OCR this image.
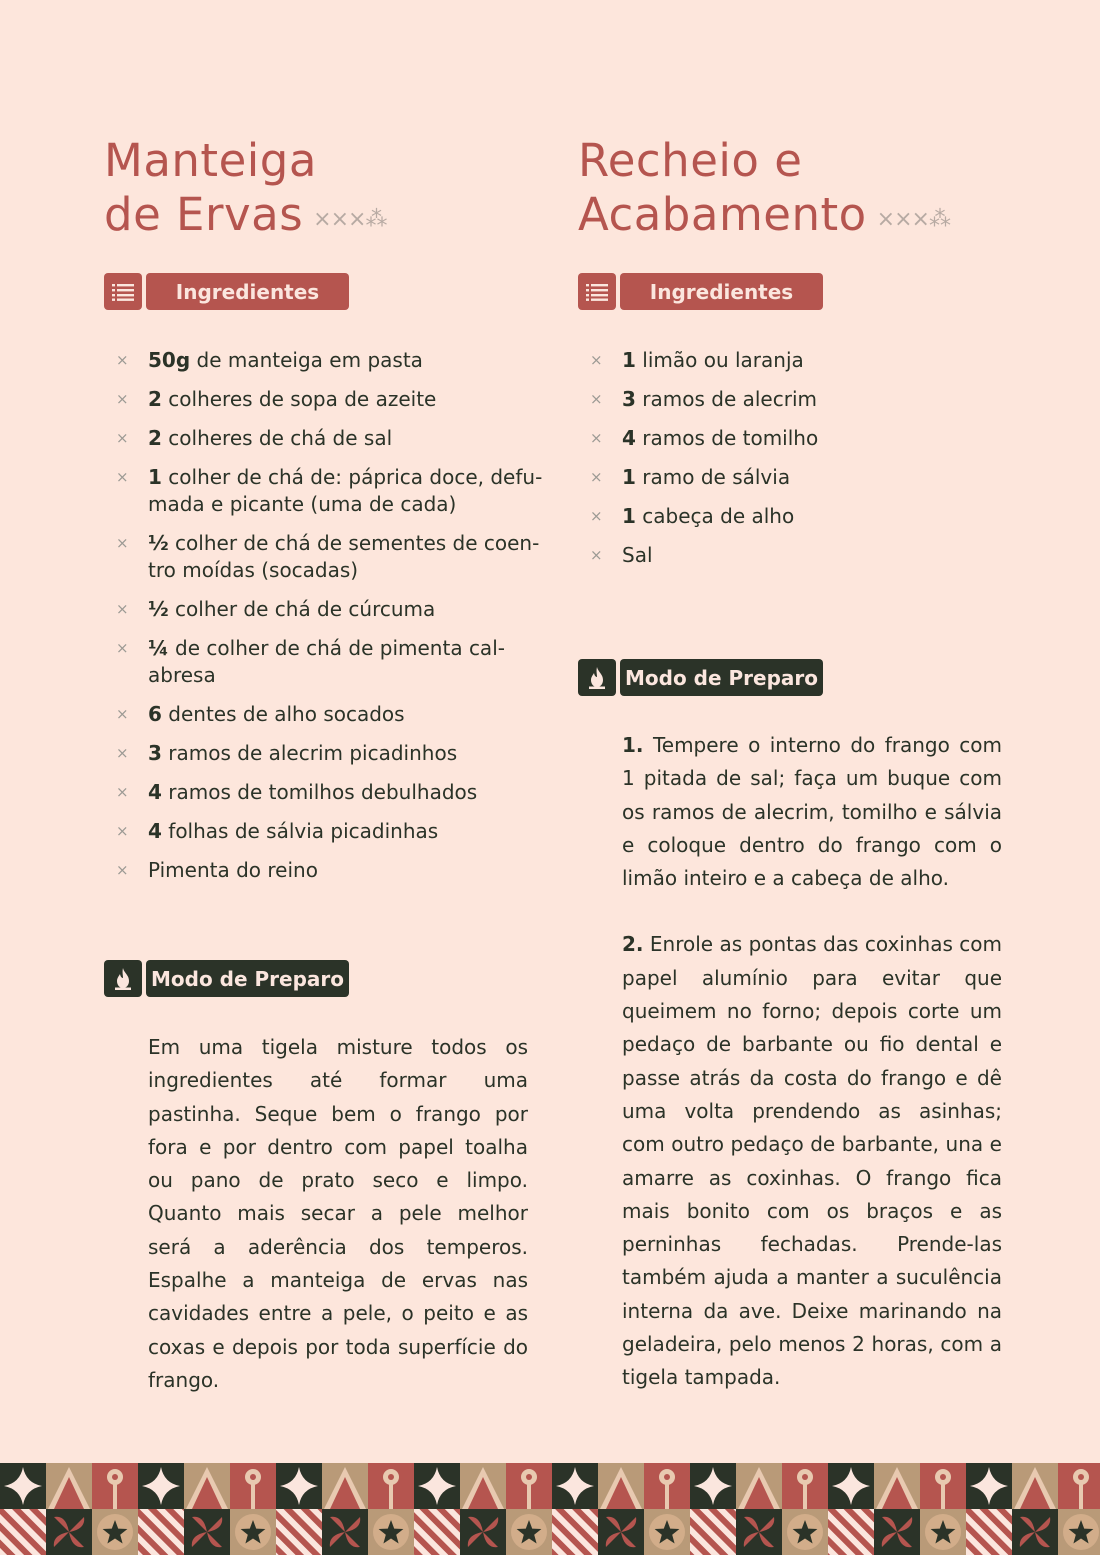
Manteiga
de Ervas ×××⁂
Ingredientes
× 50g de manteiga em pasta
× 2 colheres de sopa de azeite
× 2 colheres de chá de sal
× 1 colher de chá de: páprica doce, defu-mada e picante (uma de cada)
× ½ colher de chá de sementes de coen-tro moídas (socadas)
× ½ colher de chá de cúrcuma
× ¼ de colher de chá de pimenta cal-abresa
× 6 dentes de alho socados
× 3 ramos de alecrim picadinhos
× 4 ramos de tomilhos debulhados
× 4 folhas de sálvia picadinhas
× Pimenta do reino
Modo de Preparo

Em uma tigela misture todos os ingredientes até formar uma pastinha. Seque bem o frango por fora e por dentro com papel toalha ou pano de prato seco e limpo. Quanto mais secar a pele melhor será a aderência dos temperos. Espalhe a manteiga de ervas nas cavidades entre a pele, o peito e as coxas e depois por toda superfície do frango.

Recheio e
Acabamento ×××⁂
Ingredientes
× 1 limão ou laranja
× 3 ramos de alecrim
× 4 ramos de tomilho
× 1 ramo de sálvia
× 1 cabeça de alho
× Sal
Modo de Preparo

1. Tempere o interno do frango com 1 pitada de sal; faça um buque com os ramos de alecrim, tomilho e sálvia e coloque dentro do frango com o limão inteiro e a cabeça de alho.

2. Enrole as pontas das coxinhas com papel alumínio para evitar que queimem no forno; depois corte um pedaço de barbante ou fio dental e passe atrás da costa do frango e dê uma volta prendendo as asinhas; com outro pedaço de barbante, una e amarre as coxinhas. O frango fica mais bonito com os braços e as perninhas fechadas. Prende-las também ajuda a manter a suculência interna da ave. Deixe marinando na geladeira, pelo menos 2 horas, com a tigela tampada.
